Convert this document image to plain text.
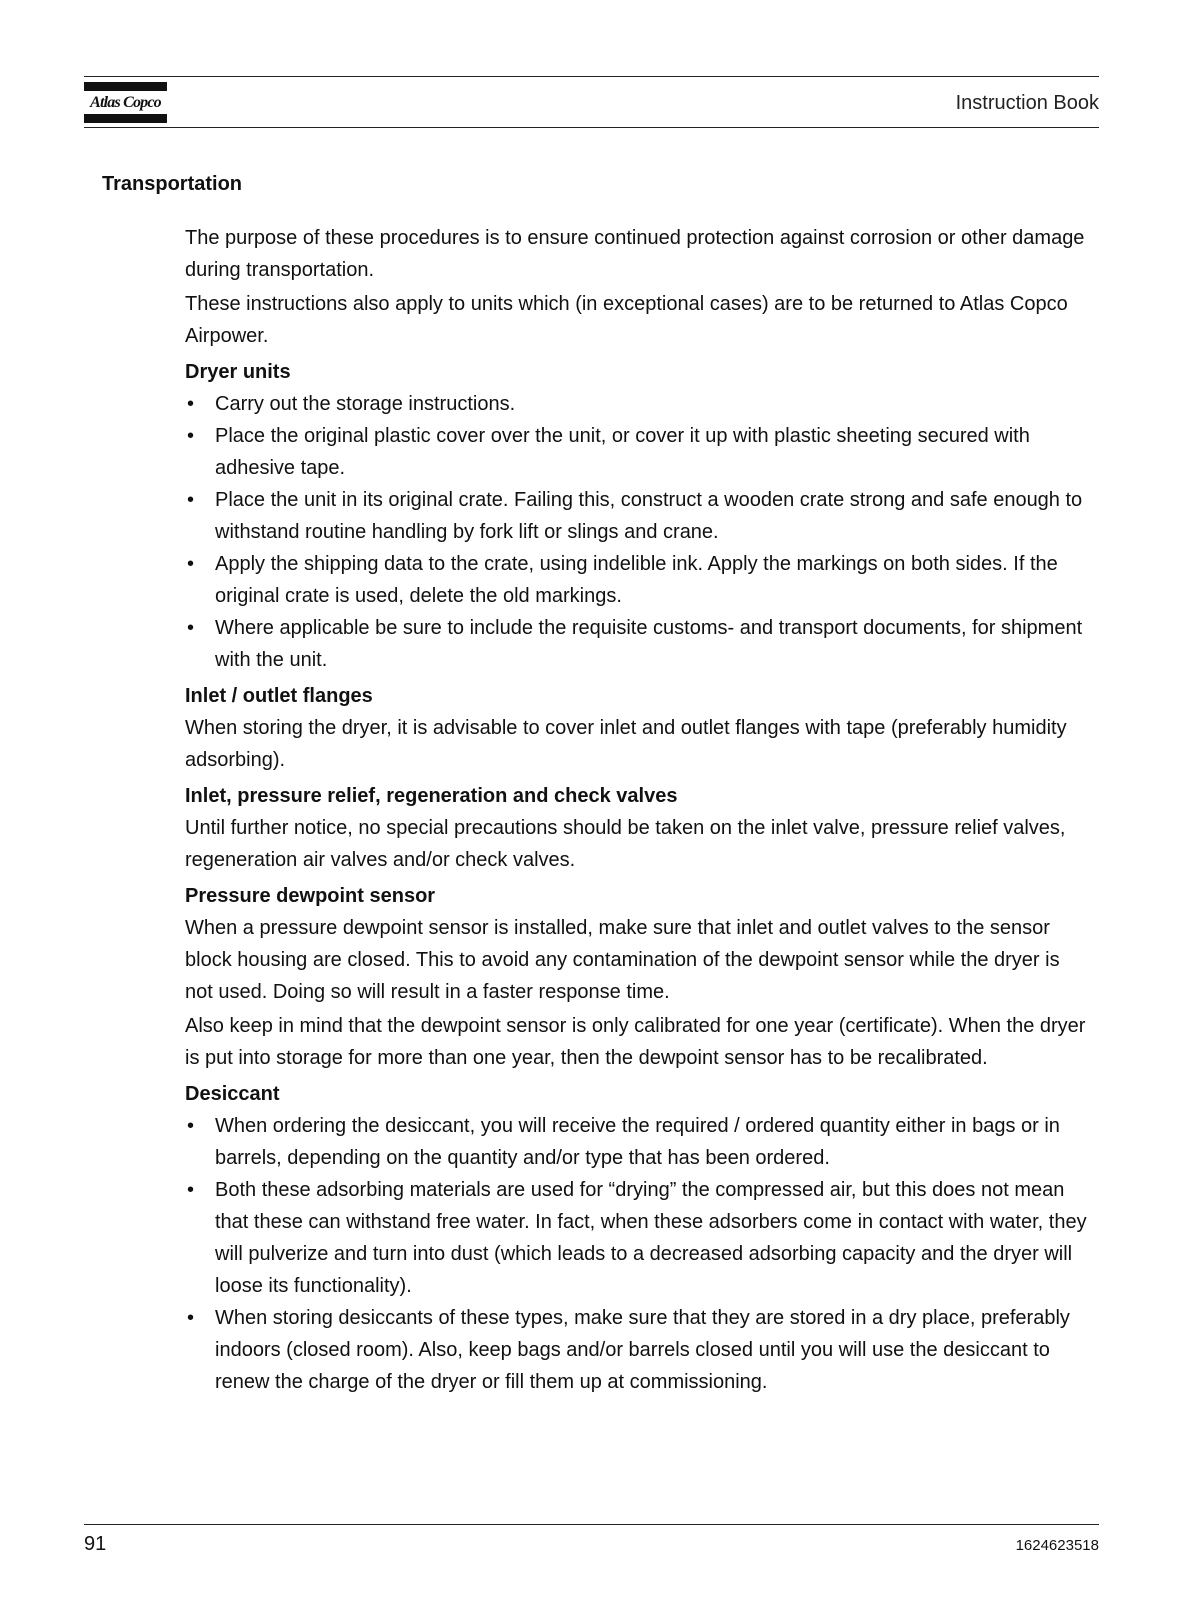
Atlas Copco	Instruction Book
Transportation

The purpose of these procedures is to ensure continued protection against corrosion or other damage during transportation.

These instructions also apply to units which (in exceptional cases) are to be returned to Atlas Copco Airpower.

Dryer units
• Carry out the storage instructions.
• Place the original plastic cover over the unit, or cover it up with plastic sheeting secured with adhesive tape.
• Place the unit in its original crate. Failing this, construct a wooden crate strong and safe enough to withstand routine handling by fork lift or slings and crane.
• Apply the shipping data to the crate, using indelible ink. Apply the markings on both sides. If the original crate is used, delete the old markings.
• Where applicable be sure to include the requisite customs- and transport documents, for shipment with the unit.
Inlet / outlet flanges

When storing the dryer, it is advisable to cover inlet and outlet flanges with tape (preferably humidity adsorbing).

Inlet, pressure relief, regeneration and check valves

Until further notice, no special precautions should be taken on the inlet valve, pressure relief valves, regeneration air valves and/or check valves.

Pressure dewpoint sensor

When a pressure dewpoint sensor is installed, make sure that inlet and outlet valves to the sensor block housing are closed. This to avoid any contamination of the dewpoint sensor while the dryer is not used. Doing so will result in a faster response time.

Also keep in mind that the dewpoint sensor is only calibrated for one year (certificate). When the dryer is put into storage for more than one year, then the dewpoint sensor has to be recalibrated.

Desiccant
• When ordering the desiccant, you will receive the required / ordered quantity either in bags or in barrels, depending on the quantity and/or type that has been ordered.
• Both these adsorbing materials are used for “drying” the compressed air, but this does not mean that these can withstand free water. In fact, when these adsorbers come in contact with water, they will pulverize and turn into dust (which leads to a decreased adsorbing capacity and the dryer will loose its functionality).
• When storing desiccants of these types, make sure that they are stored in a dry place, preferably indoors (closed room). Also, keep bags and/or barrels closed until you will use the desiccant to renew the charge of the dryer or fill them up at commissioning.
91	1624623518
